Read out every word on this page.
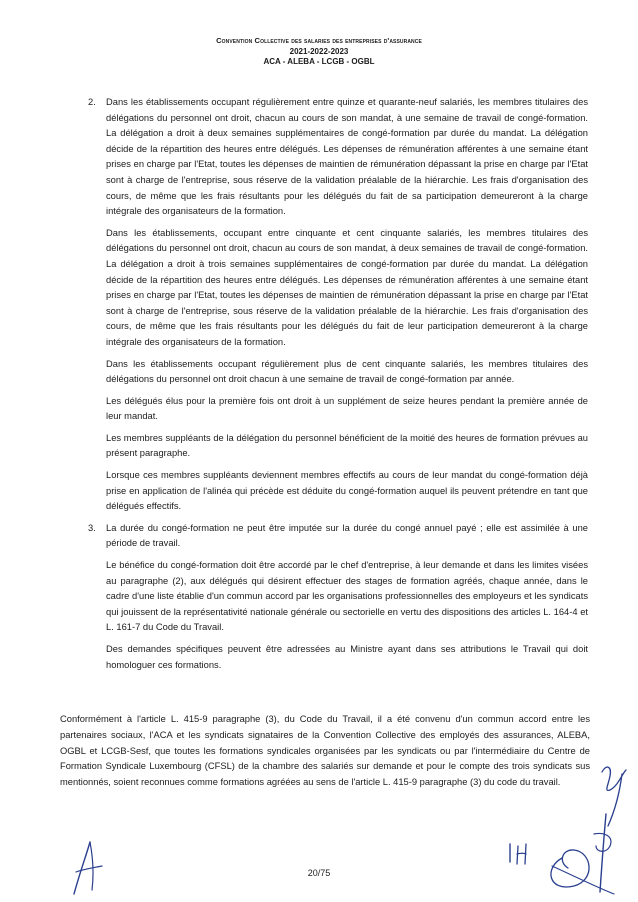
Convention Collective des salaries des entreprises d'assurance
2021-2022-2023
ACA - ALEBA - LCGB - OGBL
2. Dans les établissements occupant régulièrement entre quinze et quarante-neuf salariés, les membres titulaires des délégations du personnel ont droit, chacun au cours de son mandat, à une semaine de travail de congé-formation. La délégation a droit à deux semaines supplémentaires de congé-formation par durée du mandat. La délégation décide de la répartition des heures entre délégués. Les dépenses de rémunération afférentes à une semaine étant prises en charge par l'Etat, toutes les dépenses de maintien de rémunération dépassant la prise en charge par l'Etat sont à charge de l'entreprise, sous réserve de la validation préalable de la hiérarchie. Les frais d'organisation des cours, de même que les frais résultants pour les délégués du fait de sa participation demeureront à la charge intégrale des organisateurs de la formation.

Dans les établissements, occupant entre cinquante et cent cinquante salariés, les membres titulaires des délégations du personnel ont droit, chacun au cours de son mandat, à deux semaines de travail de congé-formation. La délégation a droit à trois semaines supplémentaires de congé-formation par durée du mandat. La délégation décide de la répartition des heures entre délégués. Les dépenses de rémunération afférentes à une semaine étant prises en charge par l'Etat, toutes les dépenses de maintien de rémunération dépassant la prise en charge par l'Etat sont à charge de l'entreprise, sous réserve de la validation préalable de la hiérarchie. Les frais d'organisation des cours, de même que les frais résultants pour les délégués du fait de leur participation demeureront à la charge intégrale des organisateurs de la formation.

Dans les établissements occupant régulièrement plus de cent cinquante salariés, les membres titulaires des délégations du personnel ont droit chacun à une semaine de travail de congé-formation par année.

Les délégués élus pour la première fois ont droit à un supplément de seize heures pendant la première année de leur mandat.

Les membres suppléants de la délégation du personnel bénéficient de la moitié des heures de formation prévues au présent paragraphe.

Lorsque ces membres suppléants deviennent membres effectifs au cours de leur mandat du congé-formation déjà prise en application de l'alinéa qui précède est déduite du congé-formation auquel ils peuvent prétendre en tant que délégués effectifs.

3. La durée du congé-formation ne peut être imputée sur la durée du congé annuel payé ; elle est assimilée à une période de travail.

Le bénéfice du congé-formation doit être accordé par le chef d'entreprise, à leur demande et dans les limites visées au paragraphe (2), aux délégués qui désirent effectuer des stages de formation agréés, chaque année, dans le cadre d'une liste établie d'un commun accord par les organisations professionnelles des employeurs et les syndicats qui jouissent de la représentativité nationale générale ou sectorielle en vertu des dispositions des articles L. 164-4 et L. 161-7 du Code du Travail.

Des demandes spécifiques peuvent être adressées au Ministre ayant dans ses attributions le Travail qui doit homologuer ces formations.

Conformément à l'article L. 415-9 paragraphe (3), du Code du Travail, il a été convenu d'un commun accord entre les partenaires sociaux, l'ACA et les syndicats signataires de la Convention Collective des employés des assurances, ALEBA, OGBL et LCGB-Sesf, que toutes les formations syndicales organisées par les syndicats ou par l'intermédiaire du Centre de Formation Syndicale Luxembourg (CFSL) de la chambre des salariés sur demande et pour le compte des trois syndicats sus mentionnés, soient reconnues comme formations agréées au sens de l'article L. 415-9 paragraphe (3) du code du travail.

20/75
